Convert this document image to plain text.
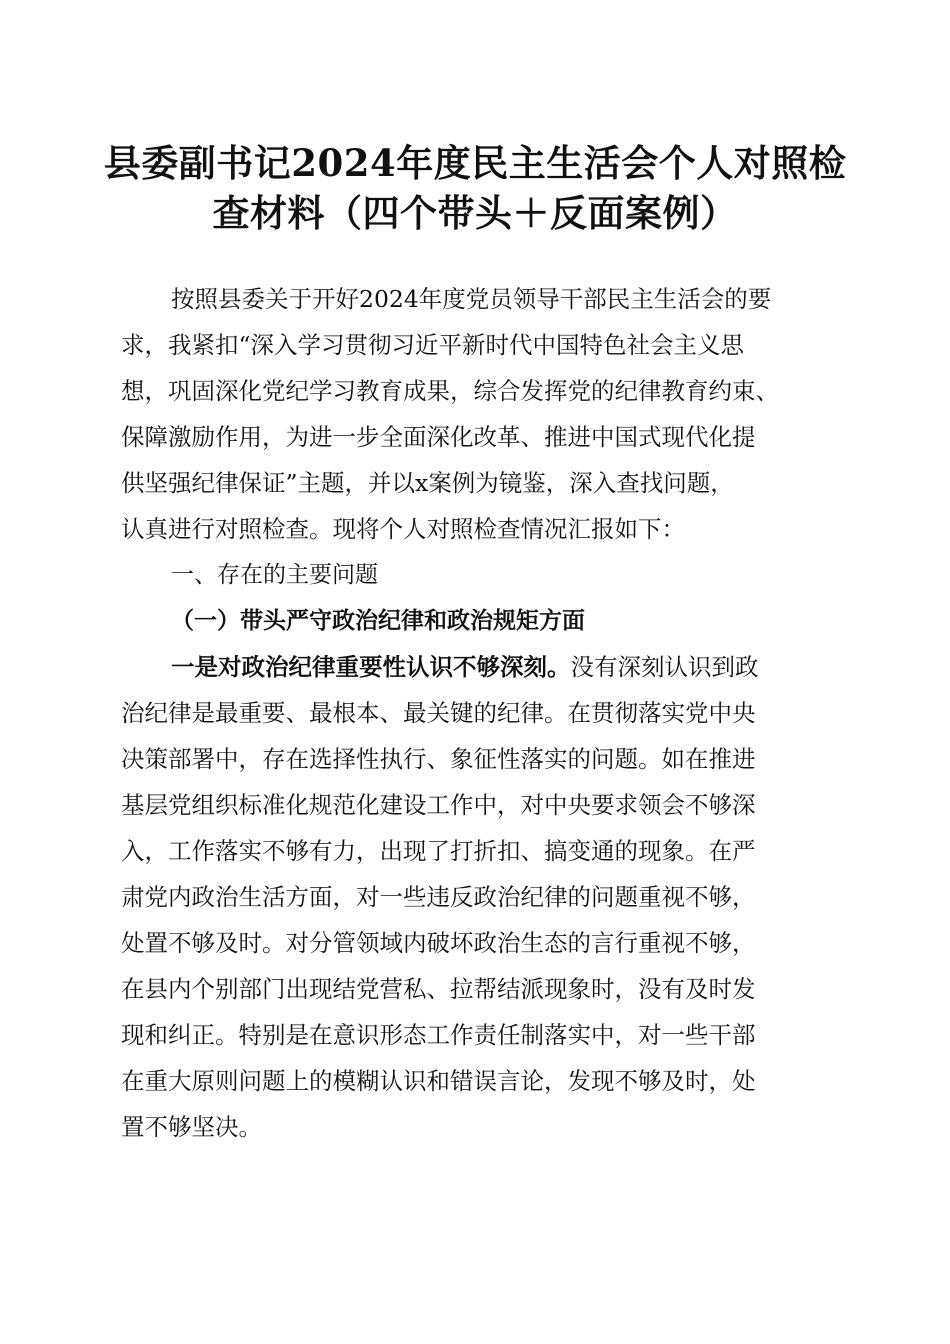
县委副书记2024年度民主生活会个人对照检
查材料（四个带头＋反面案例）
按照县委关于开好2024年度党员领导干部民主生活会的要
求，我紧扣“深入学习贯彻习近平新时代中国特色社会主义思
想，巩固深化党纪学习教育成果，综合发挥党的纪律教育约束、
保障激励作用，为进一步全面深化改革、推进中国式现代化提
供坚强纪律保证”主题，并以x案例为镜鉴，深入查找问题，
认真进行对照检查。现将个人对照检查情况汇报如下：
一、存在的主要问题
（一）带头严守政治纪律和政治规矩方面
一是对政治纪律重要性认识不够深刻。没有深刻认识到政
治纪律是最重要、最根本、最关键的纪律。在贯彻落实党中央
决策部署中，存在选择性执行、象征性落实的问题。如在推进
基层党组织标准化规范化建设工作中，对中央要求领会不够深
入，工作落实不够有力，出现了打折扣、搞变通的现象。在严
肃党内政治生活方面，对一些违反政治纪律的问题重视不够，
处置不够及时。对分管领域内破坏政治生态的言行重视不够，
在县内个别部门出现结党营私、拉帮结派现象时，没有及时发
现和纠正。特别是在意识形态工作责任制落实中，对一些干部
在重大原则问题上的模糊认识和错误言论，发现不够及时，处
置不够坚决。
